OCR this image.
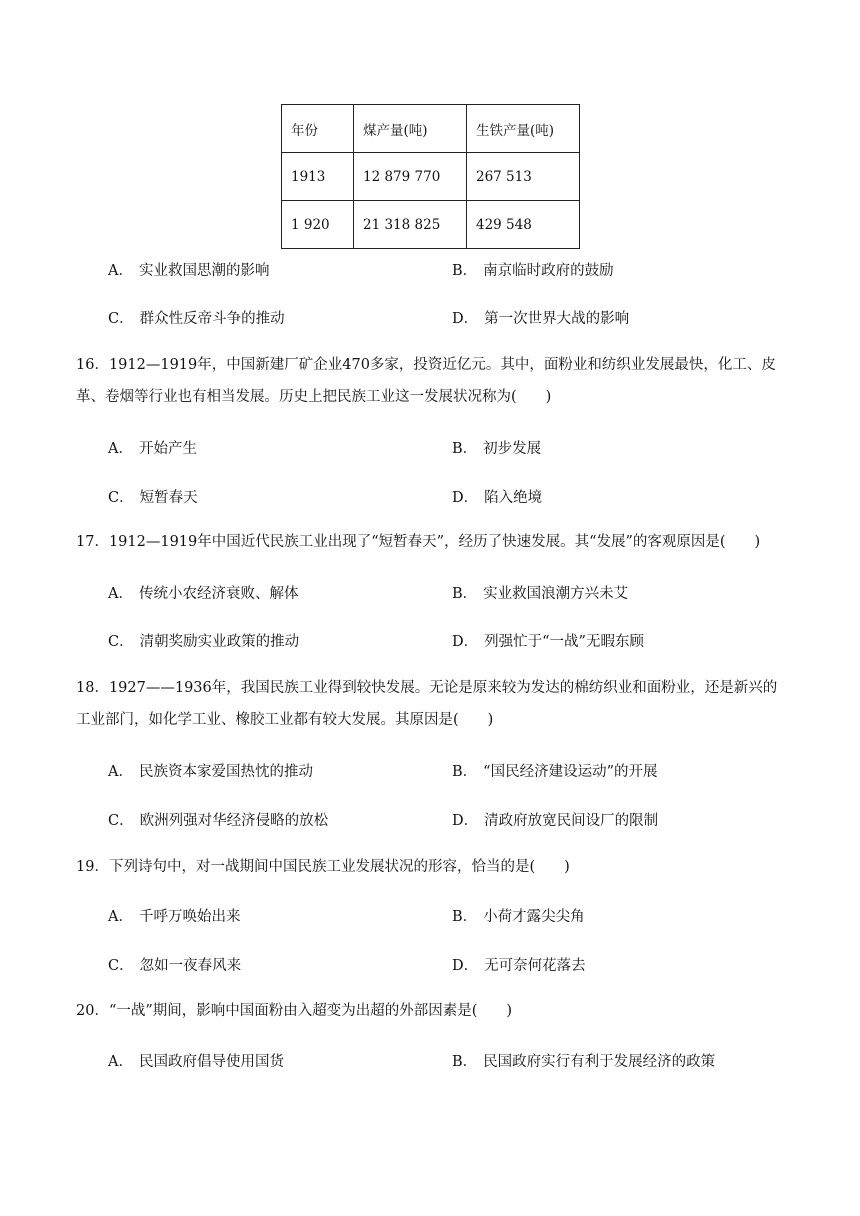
年份	煤产量(吨)	生铁产量(吨)
1913	12 879 770	267 513
1 920	21 318 825	429 548
A． 实业救国思潮的影响	B． 南京临时政府的鼓励
C． 群众性反帝斗争的推动	D． 第一次世界大战的影响
16．1912—1919年，中国新建厂矿企业470多家，投资近亿元。其中，面粉业和纺织业发展最快，化工、皮革、卷烟等行业也有相当发展。历史上把民族工业这一发展状况称为(　　)
A． 开始产生	B． 初步发展
C． 短暂春天	D． 陷入绝境
17．1912—1919年中国近代民族工业出现了“短暂春天”，经历了快速发展。其“发展”的客观原因是(　　)
A． 传统小农经济衰败、解体	B． 实业救国浪潮方兴未艾
C． 清朝奖励实业政策的推动	D． 列强忙于“一战”无暇东顾
18．1927——1936年，我国民族工业得到较快发展。无论是原来较为发达的棉纺织业和面粉业，还是新兴的工业部门，如化学工业、橡胶工业都有较大发展。其原因是(　　)
A． 民族资本家爱国热忱的推动	B． “国民经济建设运动”的开展
C． 欧洲列强对华经济侵略的放松	D． 清政府放宽民间设厂的限制
19．下列诗句中，对一战期间中国民族工业发展状况的形容，恰当的是(　　)
A． 千呼万唤始出来	B． 小荷才露尖尖角
C． 忽如一夜春风来	D． 无可奈何花落去
20．“一战”期间，影响中国面粉由入超变为出超的外部因素是(　　)
A． 民国政府倡导使用国货	B． 民国政府实行有利于发展经济的政策
